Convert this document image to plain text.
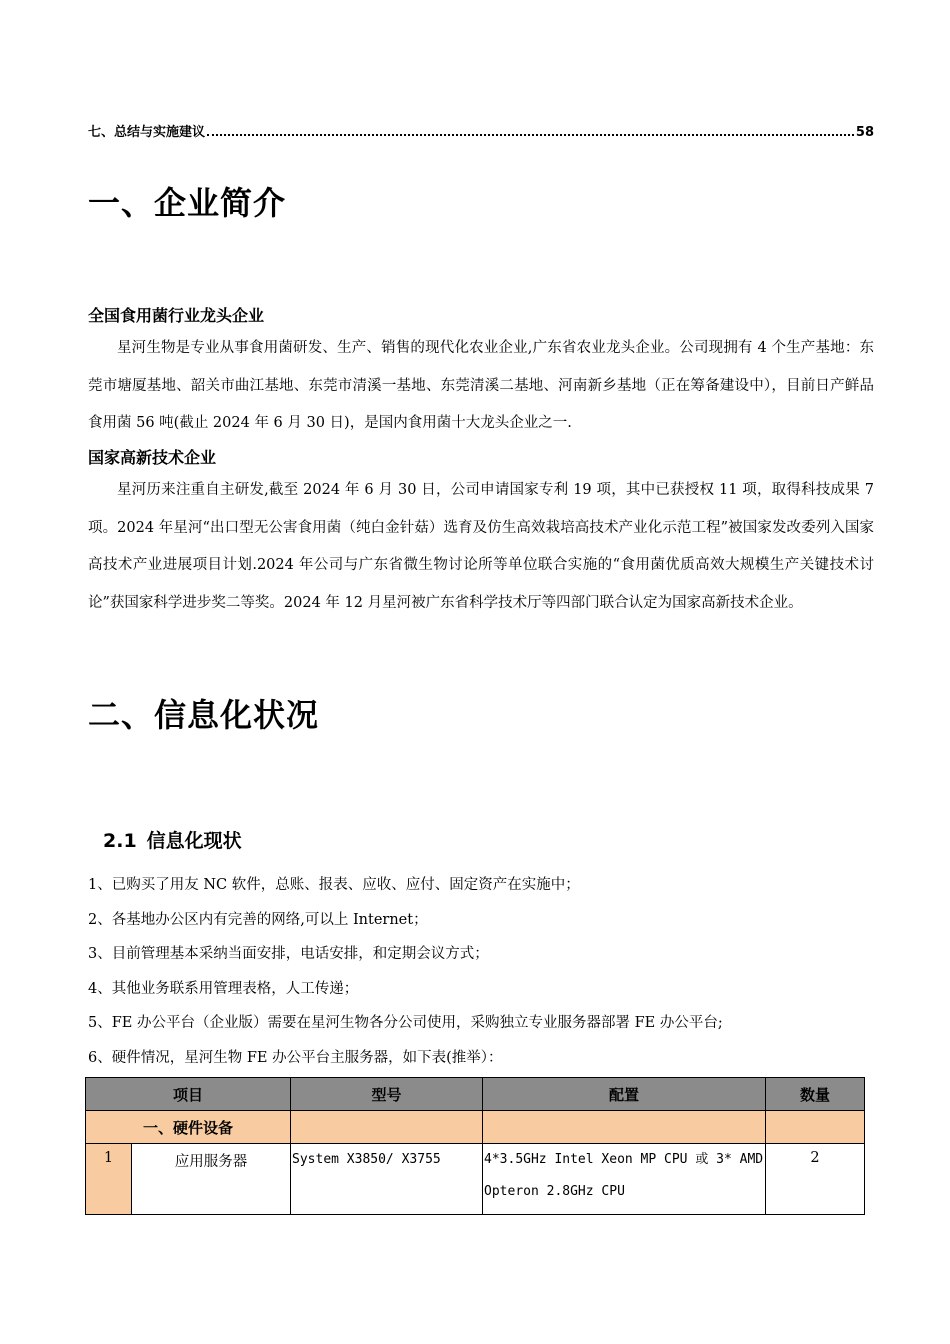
七、总结与实施建议	58
一、企业简介
全国食用菌行业龙头企业

星河生物是专业从事食用菌研发、生产、销售的现代化农业企业,广东省农业龙头企业。公司现拥有 4 个生产基地：东莞市塘厦基地、韶关市曲江基地、东莞市清溪一基地、东莞清溪二基地、河南新乡基地（正在筹备建设中），目前日产鲜品食用菌 56 吨(截止 2024 年 6 月 30 日)，是国内食用菌十大龙头企业之一.

国家高新技术企业

星河历来注重自主研发,截至 2024 年 6 月 30 日，公司申请国家专利 19 项，其中已获授权 11 项，取得科技成果 7 项。2024 年星河“出口型无公害食用菌（纯白金针菇）选育及仿生高效栽培高技术产业化示范工程”被国家发改委列入国家高技术产业进展项目计划.2024 年公司与广东省微生物讨论所等单位联合实施的“食用菌优质高效大规模生产关键技术讨论”获国家科学进步奖二等奖。2024 年 12 月星河被广东省科学技术厅等四部门联合认定为国家高新技术企业。

二、信息化状况
2.1 信息化现状
1、已购买了用友 NC 软件，总账、报表、应收、应付、固定资产在实施中；
2、各基地办公区内有完善的网络,可以上 Internet；
3、目前管理基本采纳当面安排，电话安排，和定期会议方式；
4、其他业务联系用管理表格，人工传递；
5、FE 办公平台（企业版）需要在星河生物各分公司使用，采购独立专业服务器部署 FE 办公平台;
6、硬件情况，星河生物 FE 办公平台主服务器，如下表(推举）：
项目		型号	配置	数量
一、硬件设备				
1	应用服务器	System X3850/ X3755	4*3.5GHz Intel Xeon MP CPU 或 3* AMD Opteron 2.8GHz CPU	2
